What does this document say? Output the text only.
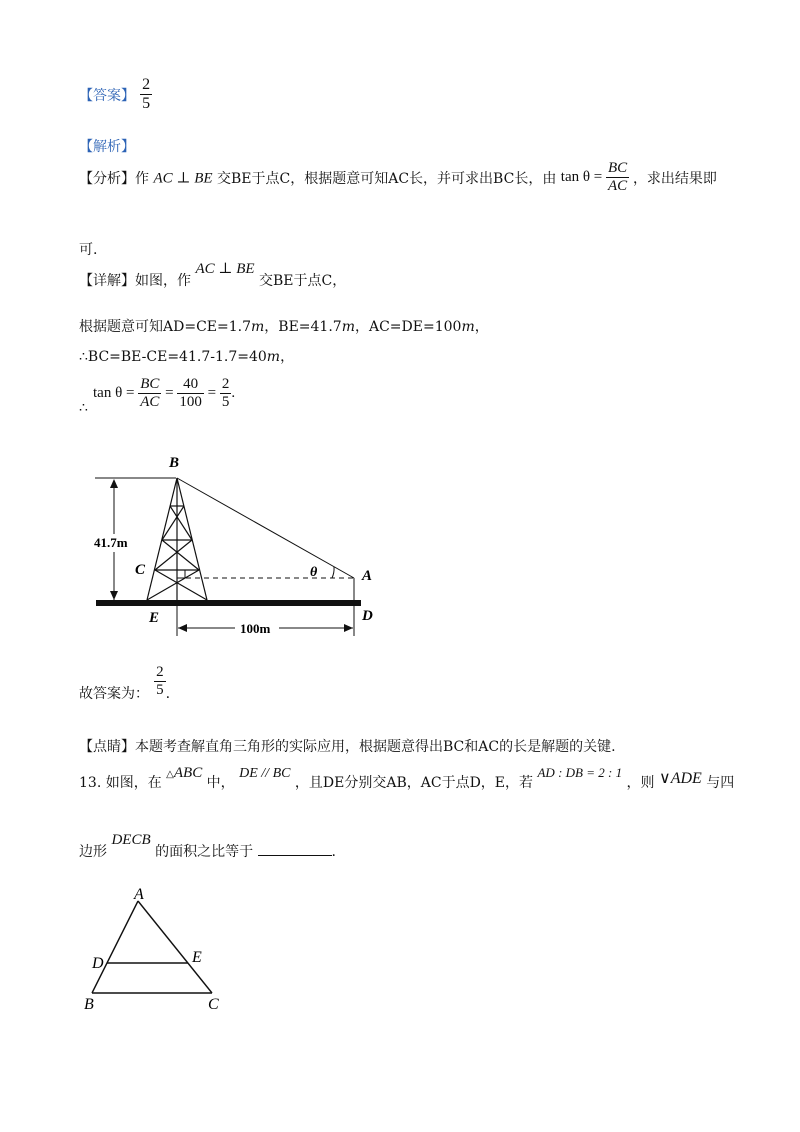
【答案】 $\frac{2}{5}$
【解析】
【分析】作 AC ⊥ BE 交BE于点C，根据题意可知AC长，并可求出BC长，由 $\tan \theta = \frac{BC}{AC}$ ，求出结果即
可.
【详解】如图，作 AC ⊥ BE 交BE于点C，
根据题意可知AD=CE=1.7m，BE=41.7m，AC=DE=100m，
∴BC=BE-CE=41.7-1.7=40m，
∴ $\tan \theta = \frac{BC}{AC} = \frac{40}{100} = \frac{2}{5}$ .
41.7m
100m
B
C
E
A
D
θ
故答案为： $\frac{2}{5}$ .
【点睛】本题考查解直角三角形的实际应用，根据题意得出BC和AC的长是解题的关键.
13. 如图，在 △ABC 中， DE // BC ，且DE分别交AB，AC于点D，E，若 AD : DB = 2 : 1 ，则 ∨ADE 与四
边形 DECB 的面积之比等于	.
A
D	E
B	C
